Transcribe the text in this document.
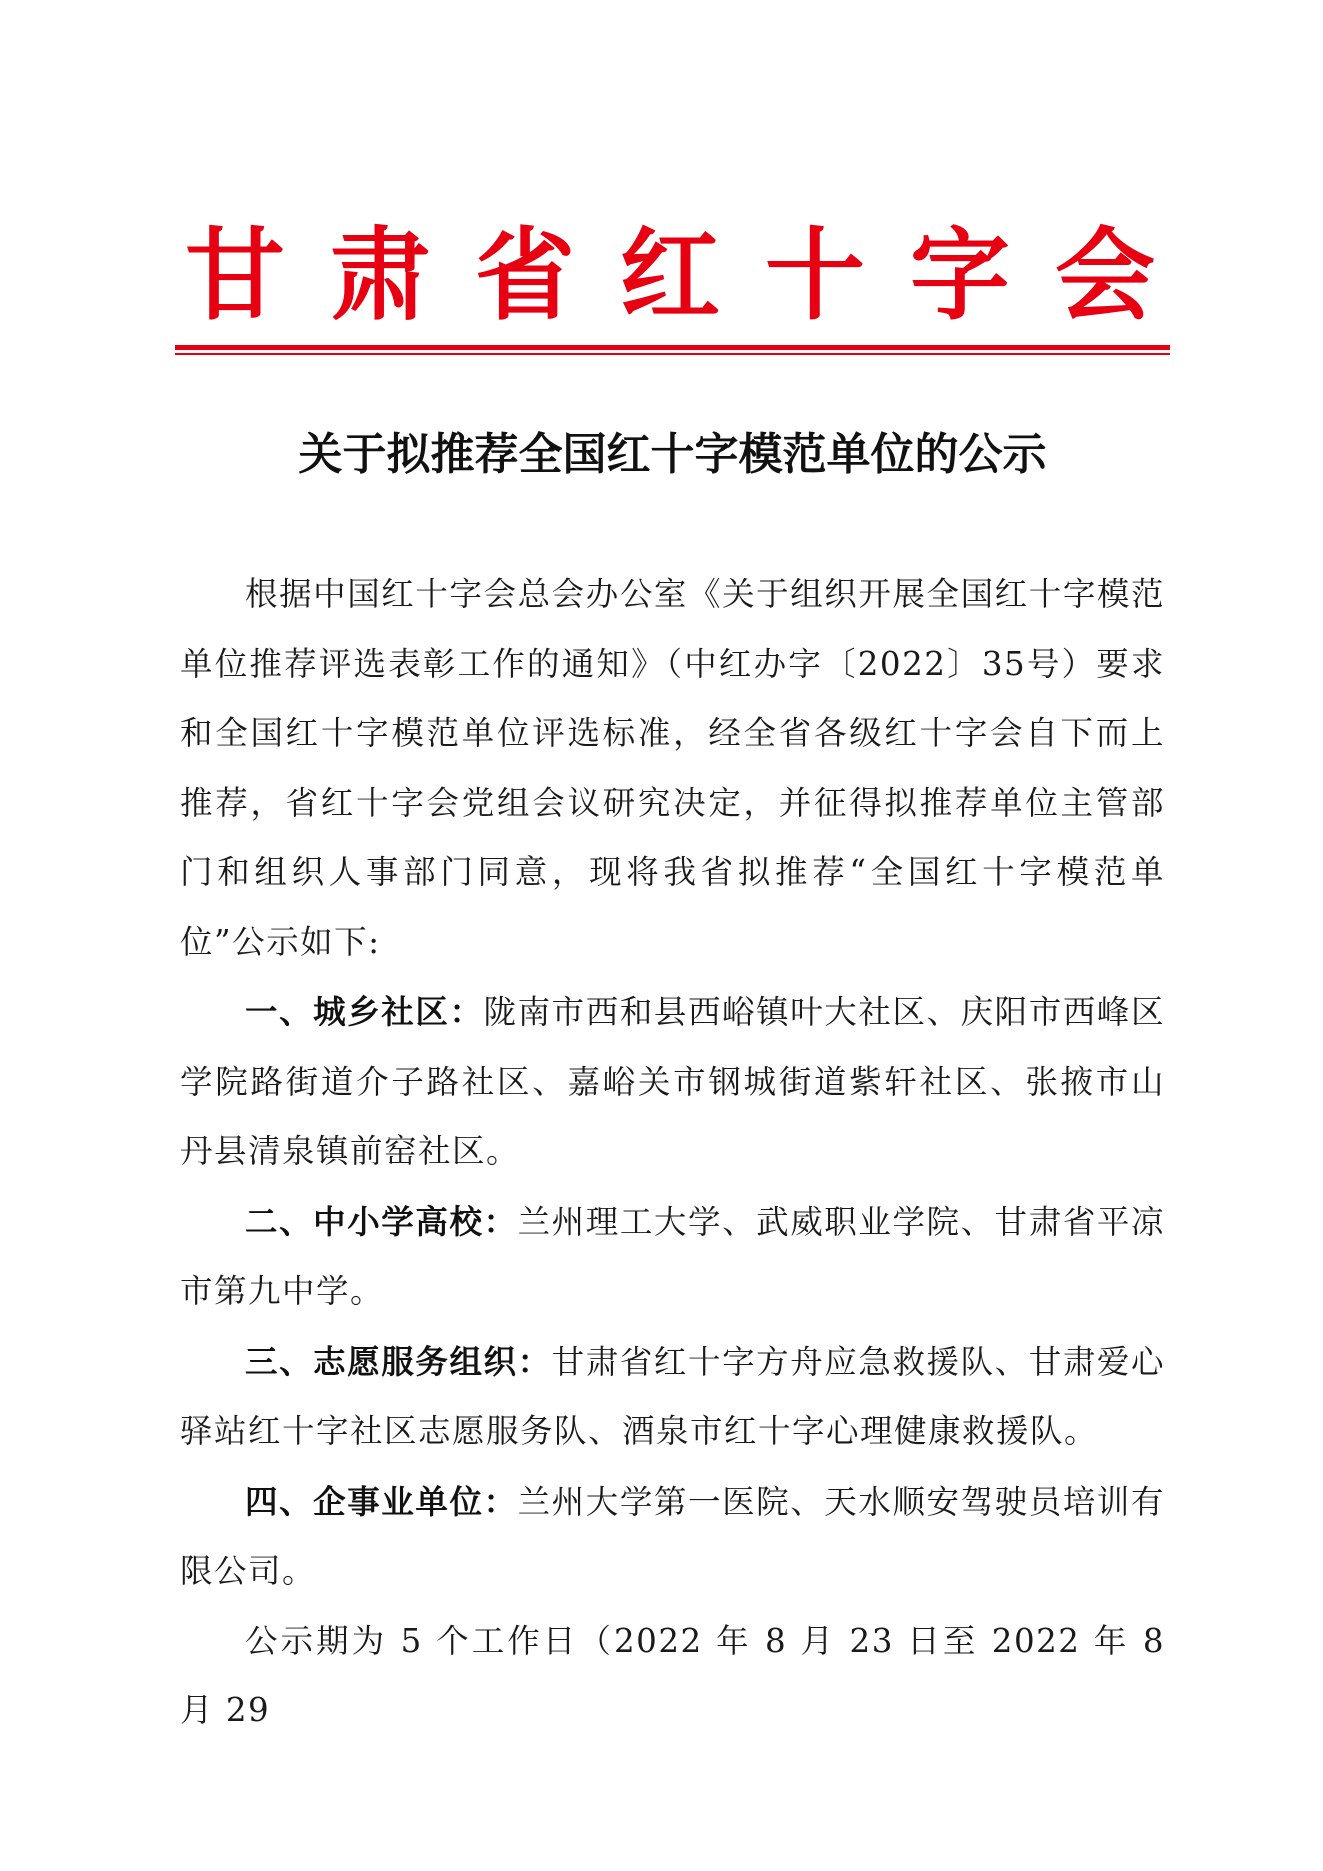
甘 肃 省 红 十 字 会
关于拟推荐全国红十字模范单位的公示

根据中国红十字会总会办公室《关于组织开展全国红十字模范单位推荐评选表彰工作的通知》（中红办字〔2022〕35号）要求和全国红十字模范单位评选标准，经全省各级红十字会自下而上推荐，省红十字会党组会议研究决定，并征得拟推荐单位主管部门和组织人事部门同意，现将我省拟推荐“全国红十字模范单位”公示如下:

一、城乡社区：陇南市西和县西峪镇叶大社区、庆阳市西峰区学院路街道介子路社区、嘉峪关市钢城街道紫轩社区、张掖市山丹县清泉镇前窑社区。

二、中小学高校：兰州理工大学、武威职业学院、甘肃省平凉市第九中学。

三、志愿服务组织：甘肃省红十字方舟应急救援队、甘肃爱心驿站红十字社区志愿服务队、酒泉市红十字心理健康救援队。

四、企事业单位：兰州大学第一医院、天水顺安驾驶员培训有限公司。

公示期为 5 个工作日（2022 年 8 月 23 日至 2022 年 8 月 29
